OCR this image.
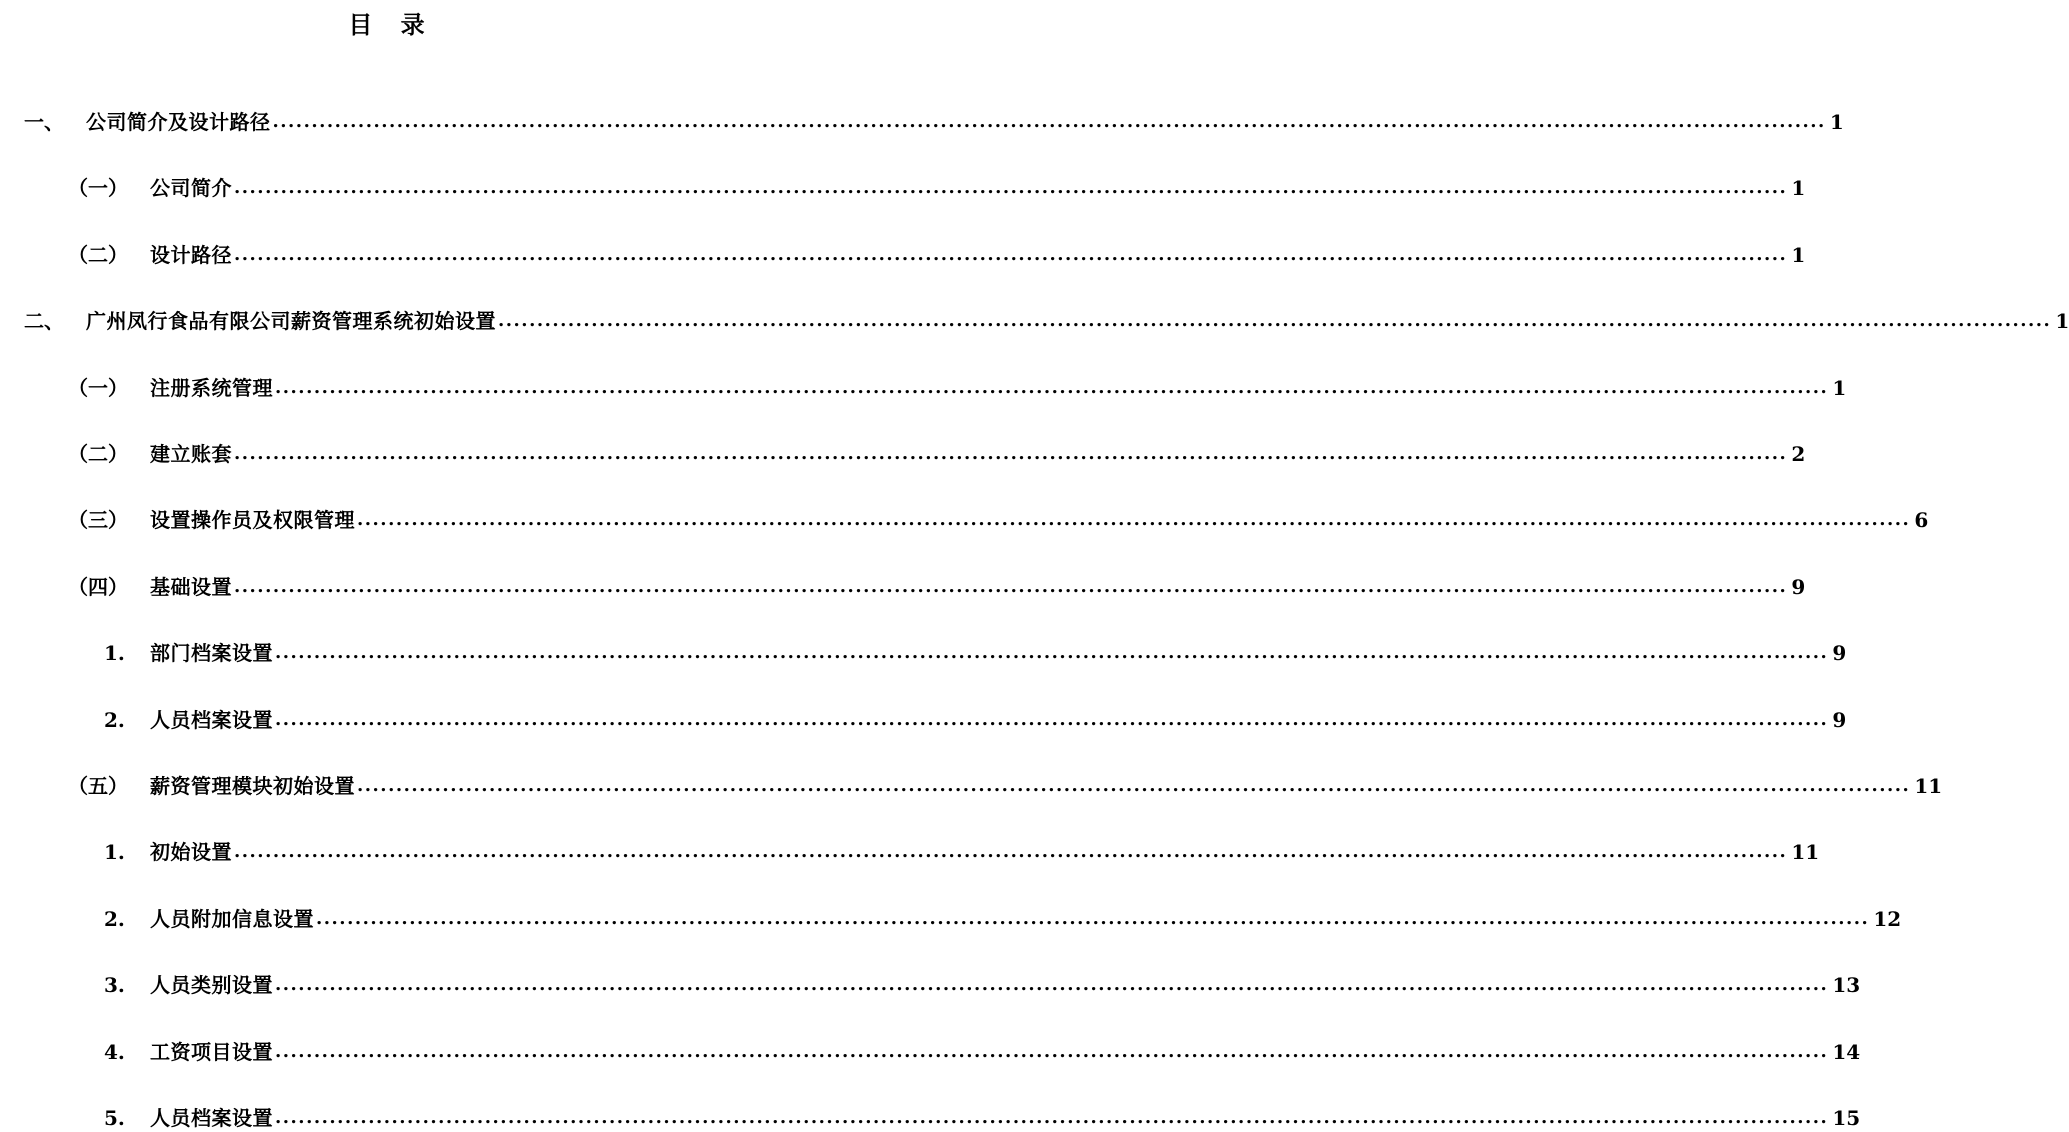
目 录
一、	公司简介及设计路径 ........................................................................................................................................................................................................ 1
（一）	公司简介 ........................................................................................................................................................................................................ 1
（二）	设计路径 ........................................................................................................................................................................................................ 1
二、	广州凤行食品有限公司薪资管理系统初始设置 ........................................................................................................................................................................................................ 1
（一）	注册系统管理 ........................................................................................................................................................................................................ 1
（二）	建立账套 ........................................................................................................................................................................................................ 2
（三）	设置操作员及权限管理 ........................................................................................................................................................................................................ 6
（四）	基础设置 ........................................................................................................................................................................................................ 9
1.	部门档案设置 ........................................................................................................................................................................................................ 9
2.	人员档案设置 ........................................................................................................................................................................................................ 9
（五）	薪资管理模块初始设置 ........................................................................................................................................................................................................ 11
1.	初始设置 ........................................................................................................................................................................................................ 11
2.	人员附加信息设置 ........................................................................................................................................................................................................ 12
3.	人员类别设置 ........................................................................................................................................................................................................ 13
4.	工资项目设置 ........................................................................................................................................................................................................ 14
5.	人员档案设置 ........................................................................................................................................................................................................ 15
